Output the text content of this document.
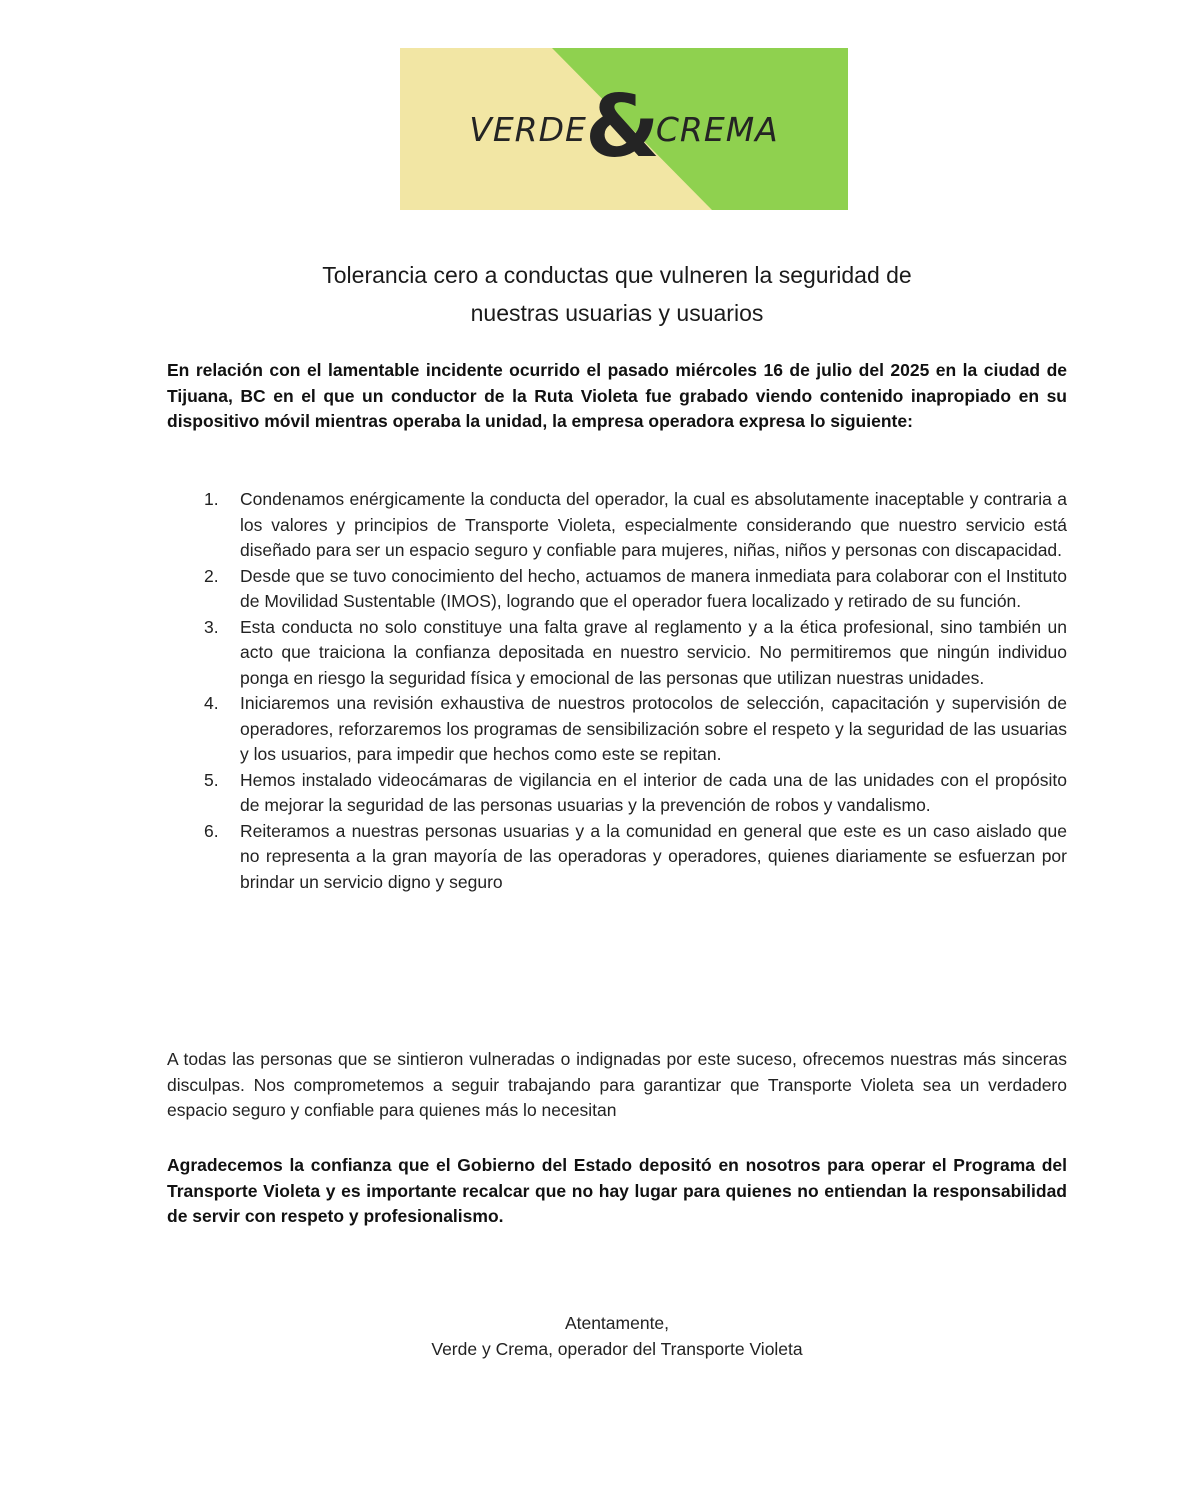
VERDE
&
CREMA
Tolerancia cero a conductas que vulneren la seguridad de
nuestras usuarias y usuarios
En relación con el lamentable incidente ocurrido el pasado miércoles 16 de julio del 2025 en la ciudad de Tijuana, BC en el que un conductor de la Ruta Violeta fue grabado viendo contenido inapropiado en su dispositivo móvil mientras operaba la unidad, la empresa operadora expresa lo siguiente:
1. Condenamos enérgicamente la conducta del operador, la cual es absolutamente inaceptable y contraria a los valores y principios de Transporte Violeta, especialmente considerando que nuestro servicio está diseñado para ser un espacio seguro y confiable para mujeres, niñas, niños y personas con discapacidad.
2. Desde que se tuvo conocimiento del hecho, actuamos de manera inmediata para colaborar con el Instituto de Movilidad Sustentable (IMOS), logrando que el operador fuera localizado y retirado de su función.
3. Esta conducta no solo constituye una falta grave al reglamento y a la ética profesional, sino también un acto que traiciona la confianza depositada en nuestro servicio. No permitiremos que ningún individuo ponga en riesgo la seguridad física y emocional de las personas que utilizan nuestras unidades.
4. Iniciaremos una revisión exhaustiva de nuestros protocolos de selección, capacitación y supervisión de operadores, reforzaremos los programas de sensibilización sobre el respeto y la seguridad de las usuarias y los usuarios, para impedir que hechos como este se repitan.
5. Hemos instalado videocámaras de vigilancia en el interior de cada una de las unidades con el propósito de mejorar la seguridad de las personas usuarias y la prevención de robos y vandalismo.
6. Reiteramos a nuestras personas usuarias y a la comunidad en general que este es un caso aislado que no representa a la gran mayoría de las operadoras y operadores, quienes diariamente se esfuerzan por brindar un servicio digno y seguro
A todas las personas que se sintieron vulneradas o indignadas por este suceso, ofrecemos nuestras más sinceras disculpas. Nos comprometemos a seguir trabajando para garantizar que Transporte Violeta sea un verdadero espacio seguro y confiable para quienes más lo necesitan
Agradecemos la confianza que el Gobierno del Estado depositó en nosotros para operar el Programa del Transporte Violeta y es importante recalcar que no hay lugar para quienes no entiendan la responsabilidad de servir con respeto y profesionalismo.
Atentamente,
Verde y Crema, operador del Transporte Violeta
